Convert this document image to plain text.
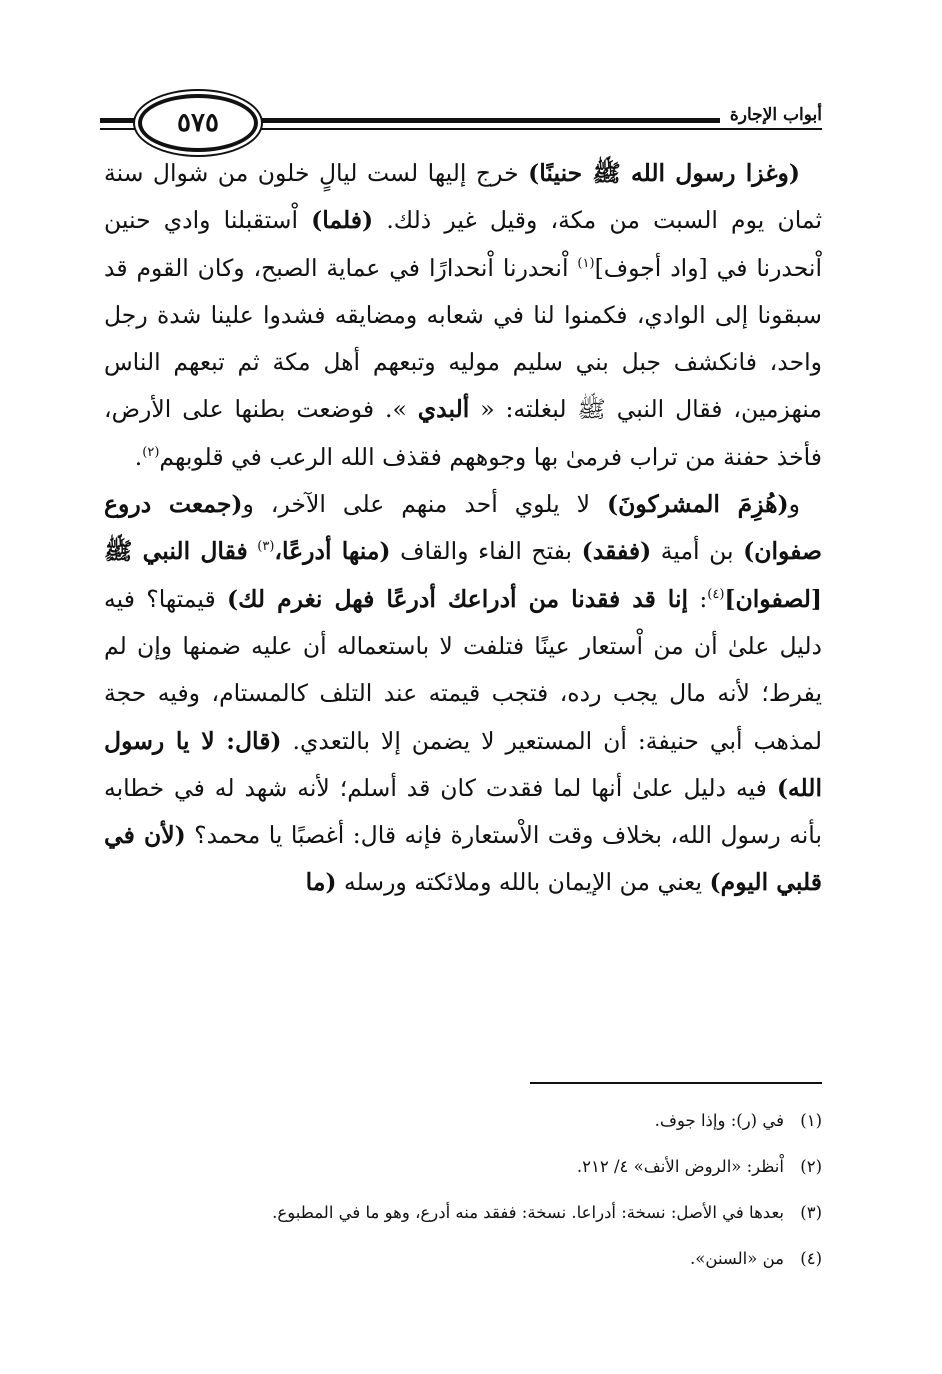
أبواب الإجارة
٥٧٥

(وغزا رسول الله ﷺ حنينًا) خرج إليها لست ليالٍ خلون من شوال سنة ثمان يوم السبت من مكة، وقيل غير ذلك. (فلما) اْستقبلنا وادي حنين اْنحدرنا في [واد أجوف]$^{(١)}$ اْنحدرنا اْنحدارًا في عماية الصبح، وكان القوم قد سبقونا إلى الوادي، فكمنوا لنا في شعابه ومضايقه فشدوا علينا شدة رجل واحد، فانكشف جبل بني سليم موليه وتبعهم أهل مكة ثم تبعهم الناس منهزمين، فقال النبي ﷺ لبغلته: « ألبدي ». فوضعت بطنها على الأرض، فأخذ حفنة من تراب فرمىٰ بها وجوههم فقذف الله الرعب في قلوبهم$^{(٢)}$.

و(هُزِمَ المشركونَ) لا يلوي أحد منهم على الآخر، و(جمعت دروع صفوان) بن أمية (ففقد) بفتح الفاء والقاف (منها أدرعًا،$^{(٣)}$ فقال النبي ﷺ [لصفوان]$^{(٤)}$: إنا قد فقدنا من أدراعك أدرعًا فهل نغرم لك) قيمتها؟ فيه دليل علىٰ أن من اْستعار عينًا فتلفت لا باستعماله أن عليه ضمنها وإن لم يفرط؛ لأنه مال يجب رده، فتجب قيمته عند التلف كالمستام، وفيه حجة لمذهب أبي حنيفة: أن المستعير لا يضمن إلا بالتعدي. (قال: لا يا رسول الله) فيه دليل علىٰ أنها لما فقدت كان قد أسلم؛ لأنه شهد له في خطابه بأنه رسول الله، بخلاف وقت الاْستعارة فإنه قال: أغصبًا يا محمد؟ (لأن في قلبي اليوم) يعني من الإيمان بالله وملائكته ورسله (ما

(١)في (ر): وإذا جوف.
(٢)اْنظر: «الروض الأنف» ٤/ ٢١٢.
(٣)بعدها في الأصل: نسخة: أدراعا. نسخة: ففقد منه أدرع، وهو ما في المطبوع.
(٤)من «السنن».
